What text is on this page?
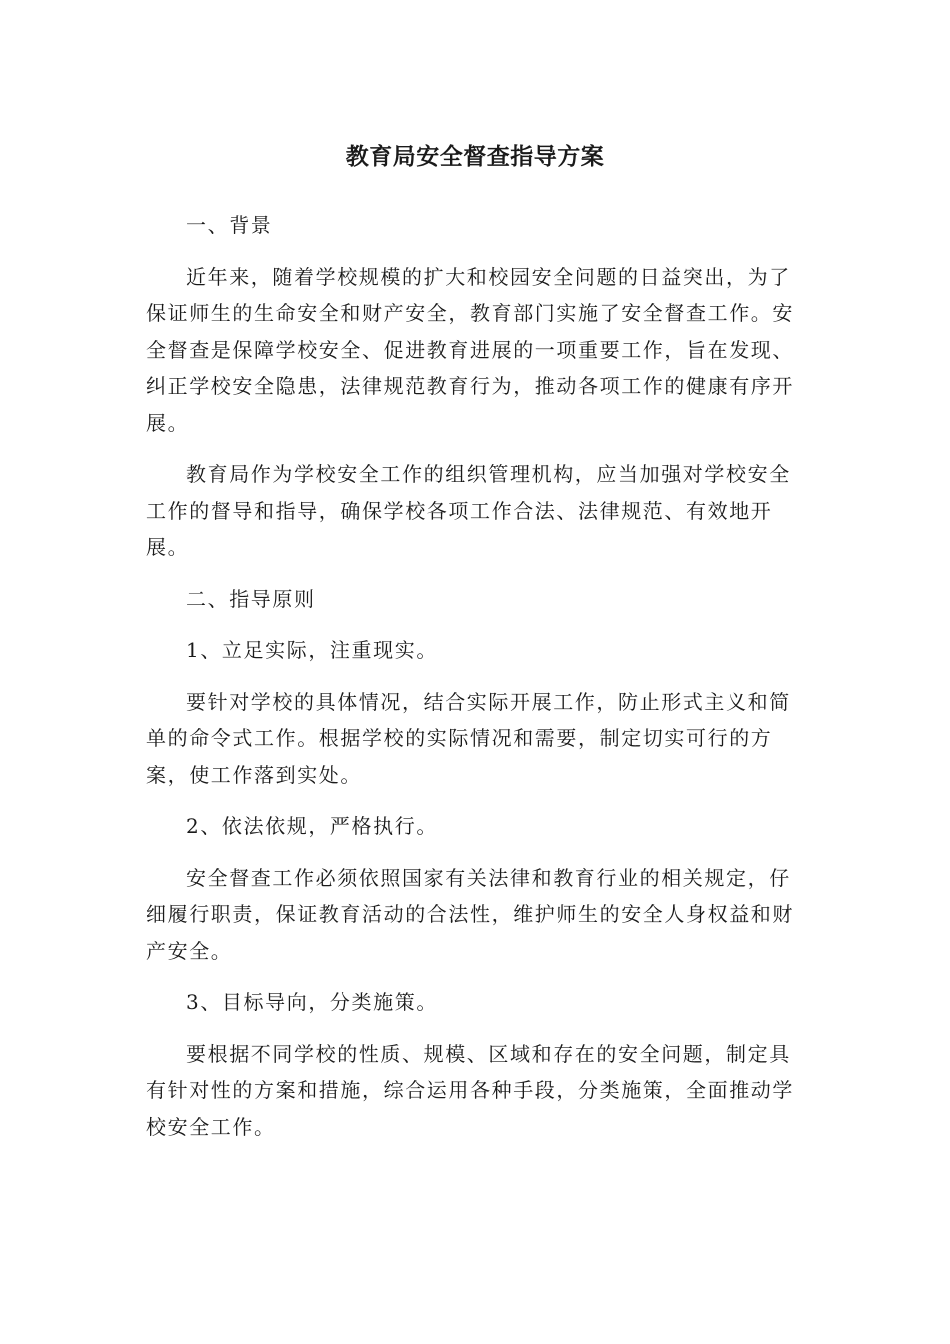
教育局安全督查指导方案

一、背景

近年来，随着学校规模的扩大和校园安全问题的日益突出，为了保证师生的生命安全和财产安全，教育部门实施了安全督查工作。安全督查是保障学校安全、促进教育进展的一项重要工作，旨在发现、纠正学校安全隐患，法律规范教育行为，推动各项工作的健康有序开展。

教育局作为学校安全工作的组织管理机构，应当加强对学校安全工作的督导和指导，确保学校各项工作合法、法律规范、有效地开展。

二、指导原则

1、立足实际，注重现实。

要针对学校的具体情况，结合实际开展工作，防止形式主义和简单的命令式工作。根据学校的实际情况和需要，制定切实可行的方案，使工作落到实处。

2、依法依规，严格执行。

安全督查工作必须依照国家有关法律和教育行业的相关规定，仔细履行职责，保证教育活动的合法性，维护师生的安全人身权益和财产安全。

3、目标导向，分类施策。

要根据不同学校的性质、规模、区域和存在的安全问题，制定具有针对性的方案和措施，综合运用各种手段，分类施策，全面推动学校安全工作。
